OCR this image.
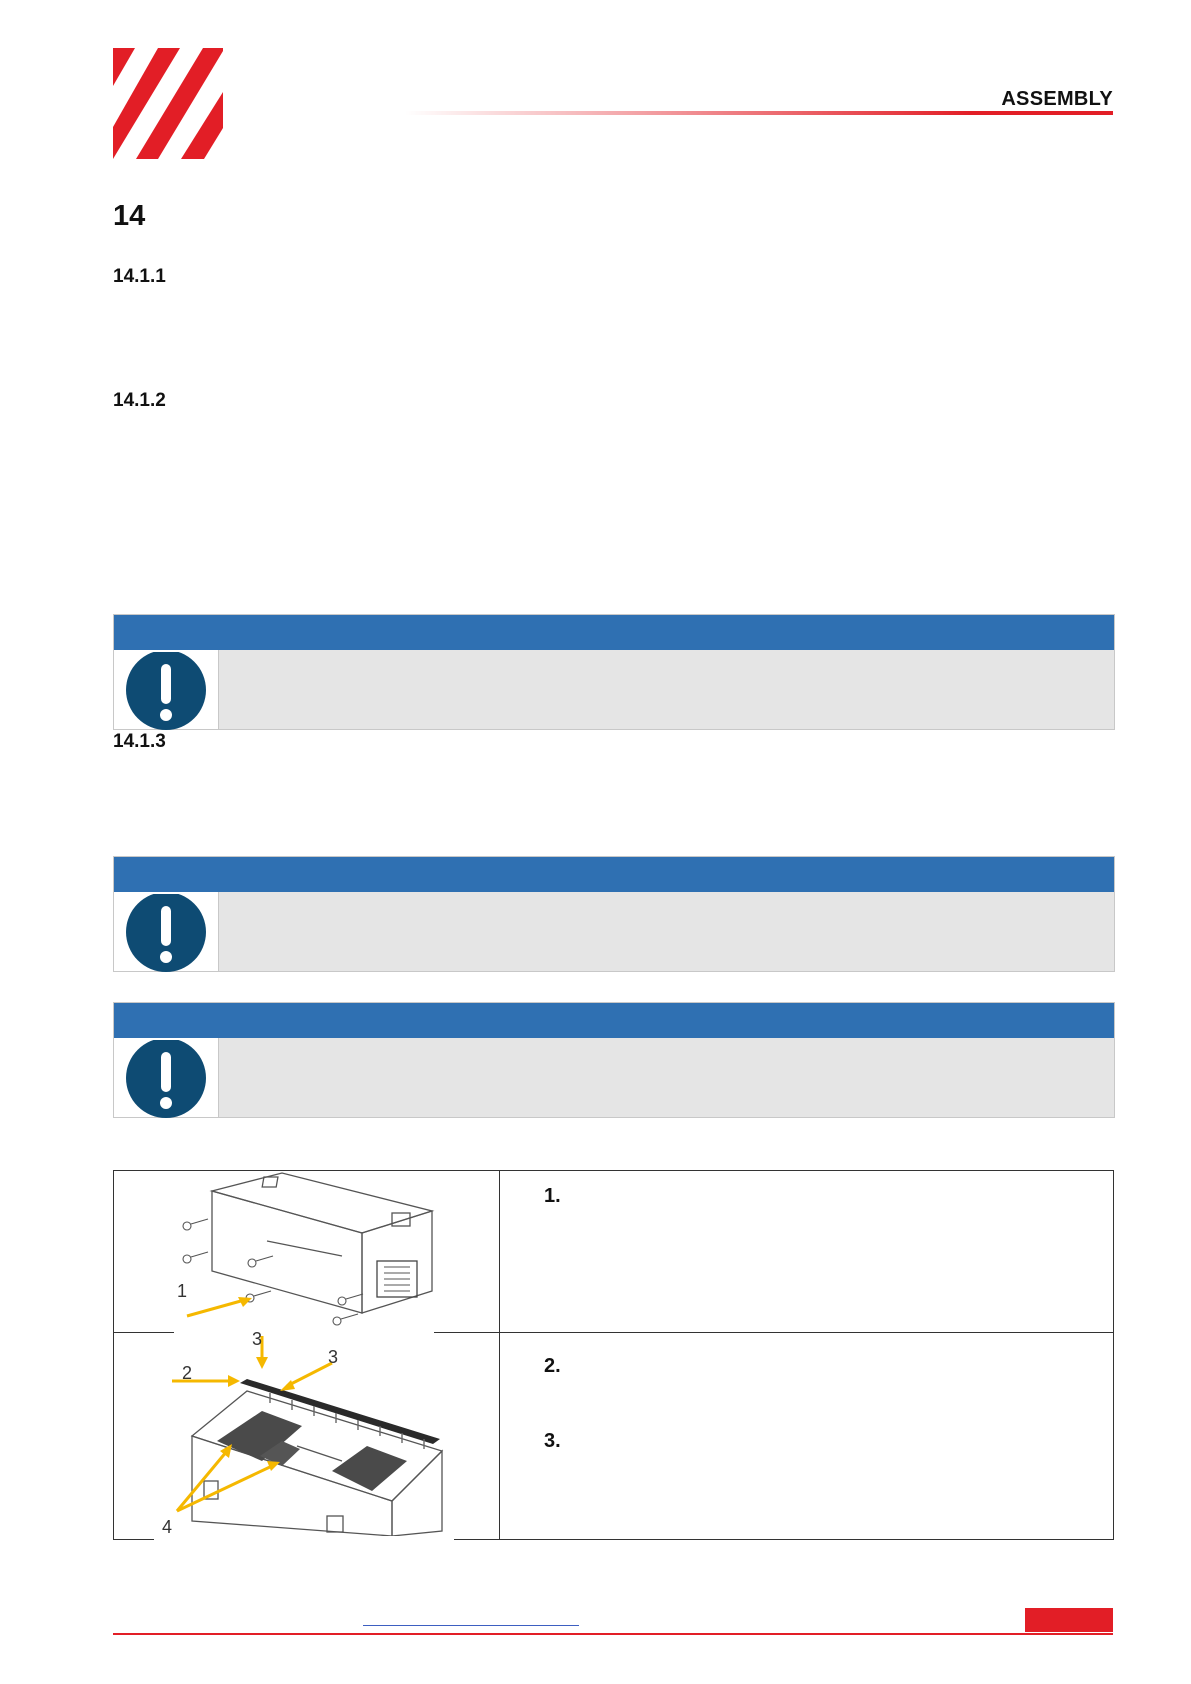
ASSEMBLY
14
14.1.1
14.1.2
14.1.3
1
2
3
3
4
1.
2.
3.
